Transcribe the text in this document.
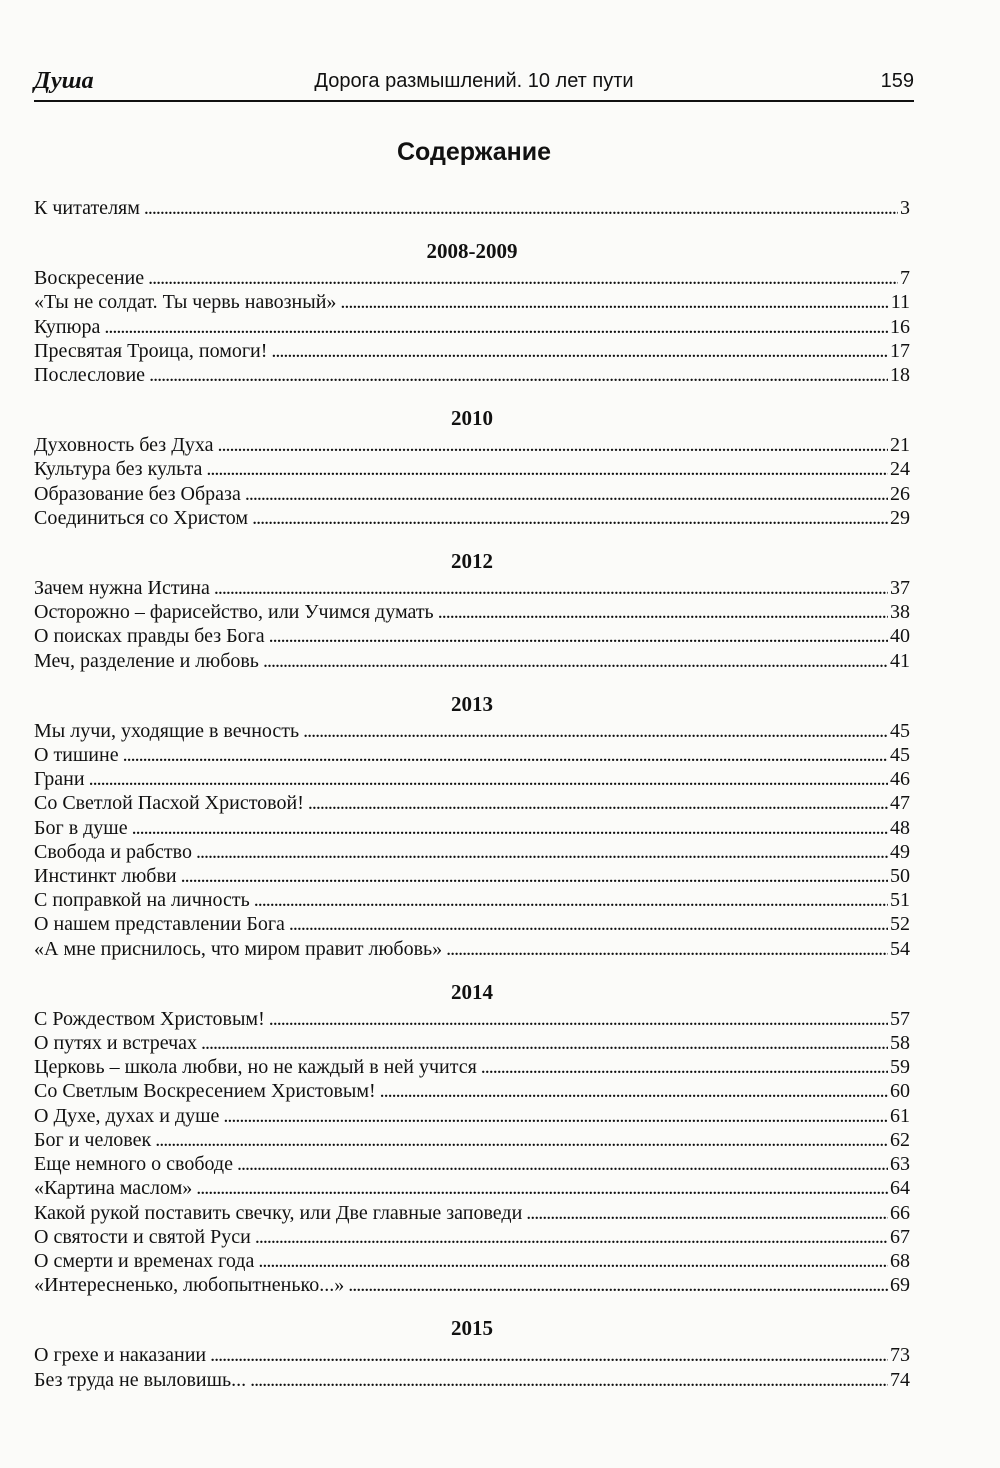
Душа	Дорога размышлений. 10 лет пути	159
Содержание
К читателям . . .	3
2008-2009
Воскресение . . .	7
«Ты не солдат. Ты червь навозный» . . .	11
Купюра . . .	16
Пресвятая Троица, помоги! . . .	17
Послесловие . . .	18
2010
Духовность без Духа . . .	21
Культура без культа . . .	24
Образование без Образа . . .	26
Соединиться со Христом . . .	29
2012
Зачем нужна Истина . . .	37
Осторожно – фарисейство, или Учимся думать . . .	38
О поисках правды без Бога . . .	40
Меч, разделение и любовь . . .	41
2013
Мы лучи, уходящие в вечность . . .	45
О тишине . . .	45
Грани . . .	46
Со Светлой Пасхой Христовой! . . .	47
Бог в душе . . .	48
Свобода и рабство . . .	49
Инстинкт любви . . .	50
С поправкой на личность . . .	51
О нашем представлении Бога . . .	52
«А мне приснилось, что миром правит любовь» . . .	54
2014
С Рождеством Христовым! . . .	57
О путях и встречах . . .	58
Церковь – школа любви, но не каждый в ней учится . . .	59
Со Светлым Воскресением Христовым! . . .	60
О Духе, духах и душе . . .	61
Бог и человек . . .	62
Еще немного о свободе . . .	63
«Картина маслом» . . .	64
Какой рукой поставить свечку, или Две главные заповеди . . .	66
О святости и святой Руси . . .	67
О смерти и временах года . . .	68
«Интересненько, любопытненько...» . . .	69
2015
О грехе и наказании . . .	73
Без труда не выловишь... . . .	74
